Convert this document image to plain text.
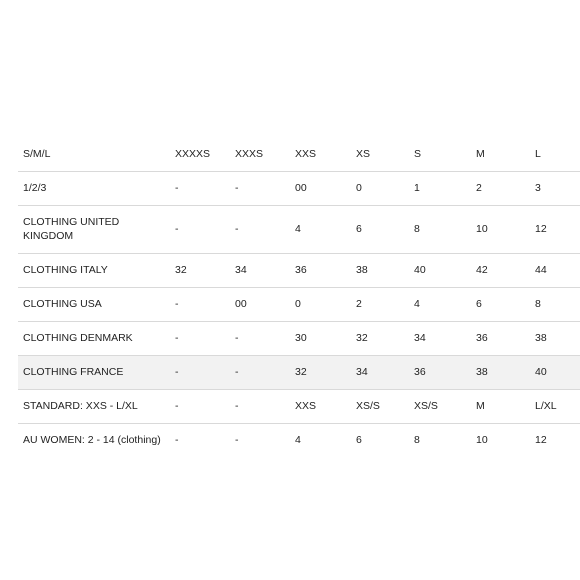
S/M/L	XXXXS	XXXS	XXS	XS	S	M	L
1/2/3	-	-	00	0	1	2	3
CLOTHING UNITED KINGDOM	-	-	4	6	8	10	12
CLOTHING ITALY	32	34	36	38	40	42	44
CLOTHING USA	-	00	0	2	4	6	8
CLOTHING DENMARK	-	-	30	32	34	36	38
CLOTHING FRANCE	-	-	32	34	36	38	40
STANDARD: XXS - L/XL	-	-	XXS	XS/S	XS/S	M	L/XL
AU WOMEN: 2 - 14 (clothing)	-	-	4	6	8	10	12
